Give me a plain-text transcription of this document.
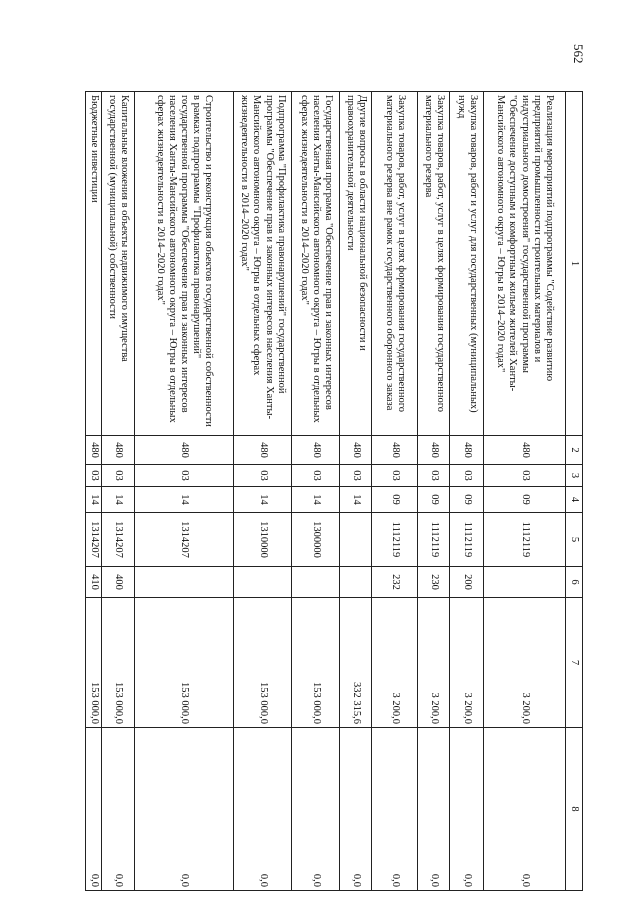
562
1	2	3	4	5	6	7	8
Реализация мероприятий подпрограммы "Содействие развитию предприятий промышленности строительных материалов и индустриального домостроения" государственной программы "Обеспечение доступным и комфортным жильем жителей Ханты-Мансийского автономного округа – Югры в 2014–2020 годах"	480	03	09	1112119		3 200,0	0,0
Закупка товаров, работ и услуг для государственных (муниципальных) нужд	480	03	09	1112119	200	3 200,0	0,0
Закупка товаров, работ, услуг в целях формирования государственного материального резерва	480	03	09	1112119	230	3 200,0	0,0
Закупка товаров, работ, услуг в целях формирования государственного материального резерва вне рамок государственного оборонного заказа	480	03	09	1112119	232	3 200,0	0,0
Другие вопросы в области национальной безопасности и правоохранительной деятельности	480	03	14			332 315,6	0,0
Государственная программа "Обеспечение прав и законных интересов населения Ханты-Мансийского автономного округа – Югры в отдельных сферах жизнедеятельности в 2014–2020 годах"	480	03	14	1300000		153 000,0	0,0
Подпрограмма "Профилактика правонарушений" государственной программы "Обеспечение прав и законных интересов населения Ханты-Мансийского автономного округа – Югры в отдельных сферах жизнедеятельности в 2014–2020 годах"	480	03	14	1310000		153 000,0	0,0
Строительство и реконструкция объектов государственной собственности в рамках подпрограммы "Профилактика правонарушений" государственной программы "Обеспечение прав и законных интересов населения Ханты-Мансийского автономного округа – Югры в отдельных сферах жизнедеятельности в 2014–2020 годах"	480	03	14	1314207		153 000,0	0,0
Капитальные вложения в объекты недвижимого имущества государственной (муниципальной) собственности	480	03	14	1314207	400	153 000,0	0,0
Бюджетные инвестиции	480	03	14	1314207	410	153 000,0	0,0
